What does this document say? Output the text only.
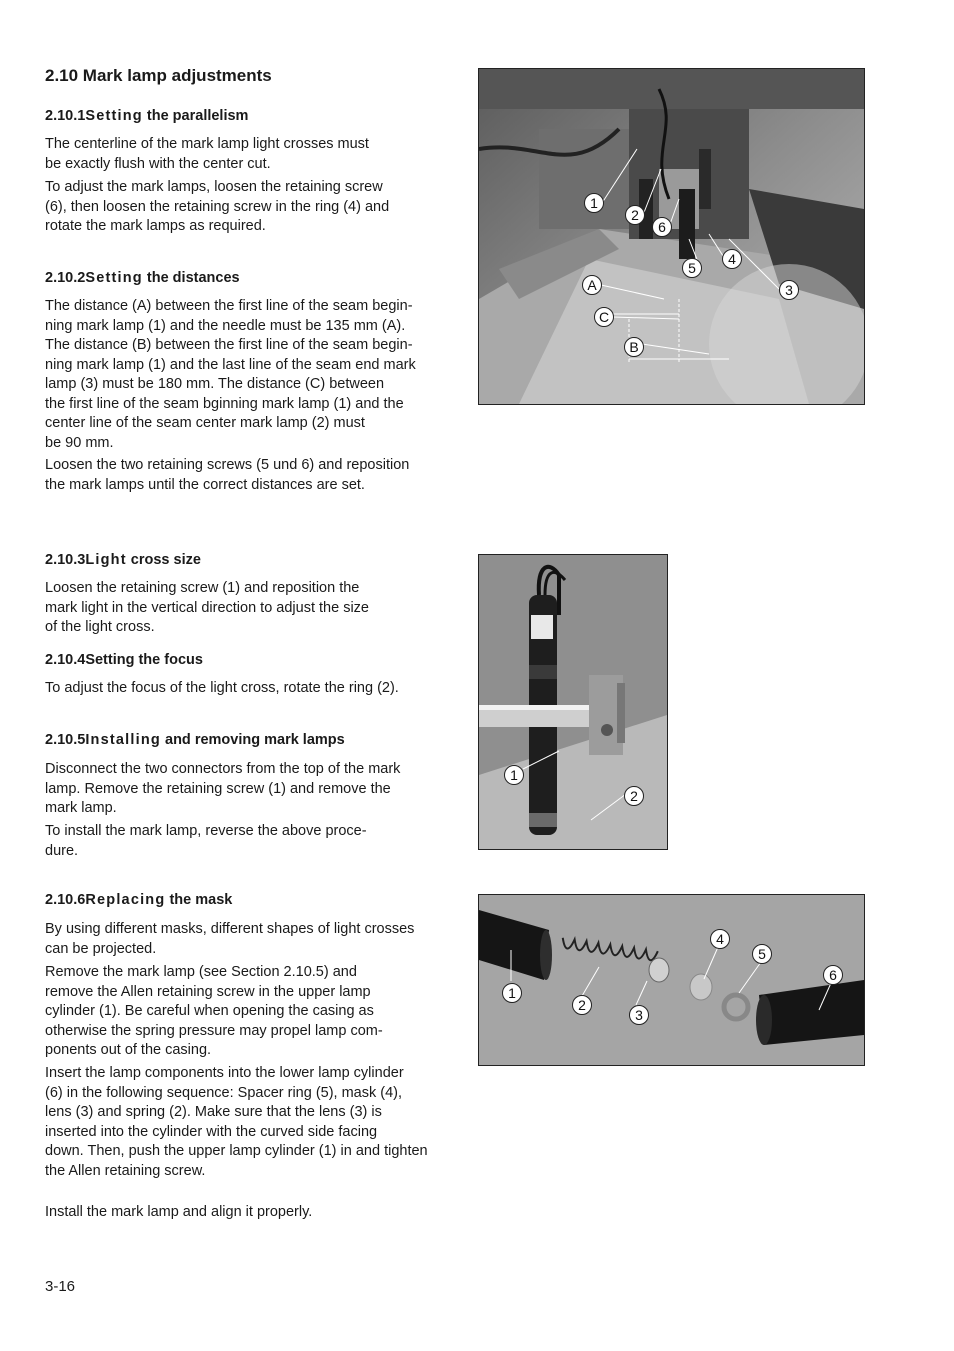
2.10 Mark lamp adjustments
2.10.1Setting the parallelism
The centerline of the mark lamp light crosses must
be exactly flush with the center cut.
To adjust the mark lamps, loosen the retaining screw
(6), then loosen the retaining screw in the ring (4) and
rotate the mark lamps as required.
2.10.2Setting the distances
The distance (A) between the first line of the seam begin-
ning mark lamp (1) and the needle must be 135 mm (A).
The distance (B) between the first line of the seam begin-
ning mark lamp (1) and the last line of the seam end mark
lamp (3) must be 180 mm. The distance (C) between
the first line of the seam bginning mark lamp (1) and the
center line of the seam center mark lamp (2) must
be 90 mm.
Loosen the two retaining screws (5 und 6) and reposition
the mark lamps until the correct distances are set.
2.10.3Light cross size
Loosen the retaining screw (1) and reposition the
mark light in the vertical direction to adjust the size
of the light cross.
2.10.4Setting the focus
To adjust the focus of the light cross, rotate the ring (2).
2.10.5Installing and removing mark lamps
Disconnect the two connectors from the top of the mark
lamp. Remove the retaining screw (1) and remove the
mark lamp.
To install the mark lamp, reverse the above proce-
dure.
2.10.6Replacing the mask
By using different masks, different shapes of light crosses
can be projected.
Remove the mark lamp (see Section 2.10.5) and
remove the Allen retaining screw in the upper lamp
cylinder (1). Be careful when opening the casing as
otherwise the spring pressure may propel lamp com-
ponents out of the casing.
Insert the lamp components into the lower lamp cylinder
(6) in the following sequence: Spacer ring (5), mask (4),
lens (3) and spring (2). Make sure that the lens (3) is
inserted into the cylinder with the curved side facing
down. Then, push the upper lamp cylinder (1) in and tighten
the Allen retaining screw.
Install the mark lamp and align it properly.
3-16
1
2
6
5
4
3
A
C
B
1
2
1
2
3
4
5
6
